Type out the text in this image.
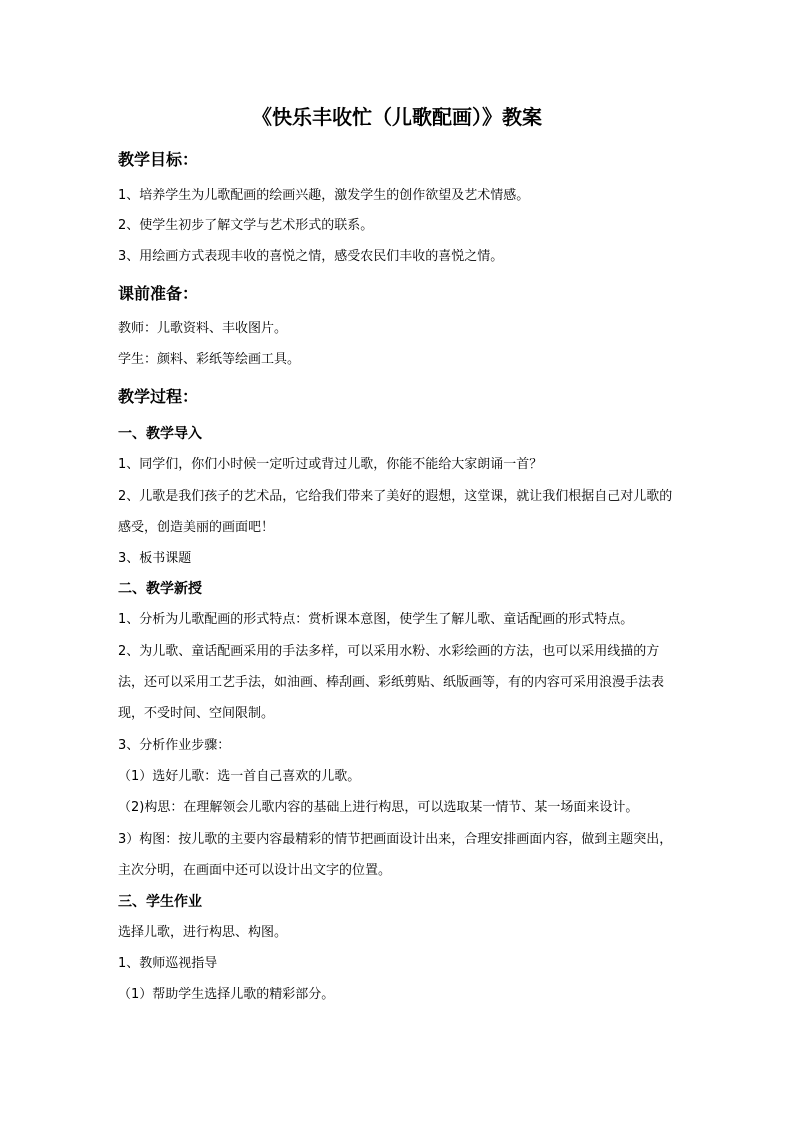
《快乐丰收忙（儿歌配画）》教案
教学目标：
1、培养学生为儿歌配画的绘画兴趣，激发学生的创作欲望及艺术情感。
2、使学生初步了解文学与艺术形式的联系。
3、用绘画方式表现丰收的喜悦之情，感受农民们丰收的喜悦之情。
课前准备：
教师：儿歌资料、丰收图片。
学生：颜料、彩纸等绘画工具。
教学过程：
一、教学导入
1、同学们，你们小时候一定听过或背过儿歌，你能不能给大家朗诵一首？
2、儿歌是我们孩子的艺术品，它给我们带来了美好的遐想，这堂课，就让我们根据自己对儿歌的感受，创造美丽的画面吧！
3、板书课题
二、教学新授
1、分析为儿歌配画的形式特点：赏析课本意图，使学生了解儿歌、童话配画的形式特点。
2、为儿歌、童话配画采用的手法多样，可以采用水粉、水彩绘画的方法，也可以采用线描的方法，还可以采用工艺手法，如油画、棒刮画、彩纸剪贴、纸版画等，有的内容可采用浪漫手法表现，不受时间、空间限制。
3、分析作业步骤：
（1）选好儿歌：选一首自己喜欢的儿歌。
（2)构思：在理解领会儿歌内容的基础上进行构思，可以选取某一情节、某一场面来设计。
3）构图：按儿歌的主要内容最精彩的情节把画面设计出来，合理安排画面内容，做到主题突出，主次分明，在画面中还可以设计出文字的位置。
三、学生作业
选择儿歌，进行构思、构图。
1、教师巡视指导
（1）帮助学生选择儿歌的精彩部分。
